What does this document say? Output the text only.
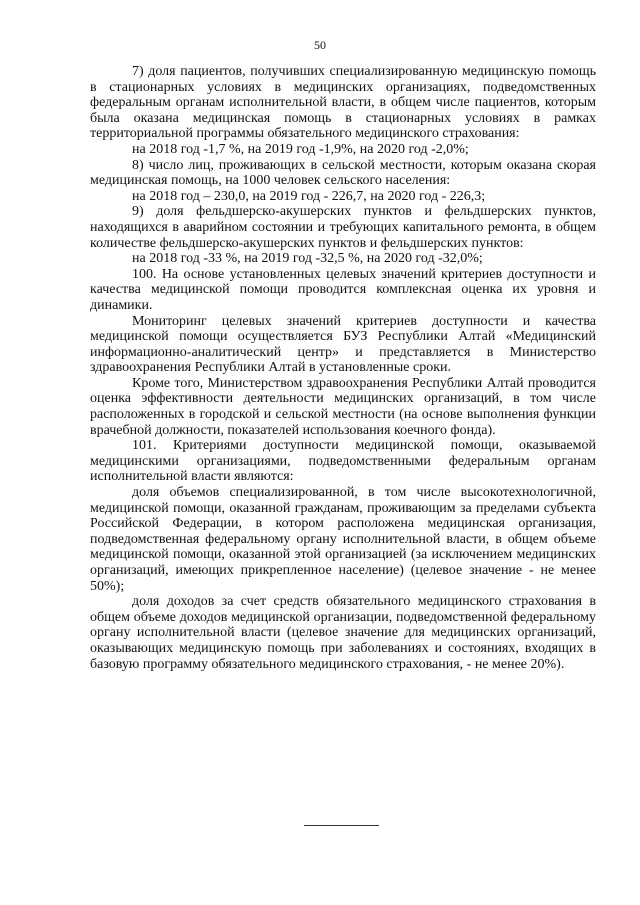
50

7) доля пациентов, получивших специализированную медицинскую помощь в стационарных условиях в медицинских организациях, подведомственных федеральным органам исполнительной власти, в общем числе пациентов, которым была оказана медицинская помощь в стационарных условиях в рамках территориальной программы обязательного медицинского страхования:

на 2018 год -1,7 %, на 2019 год -1,9%, на 2020 год -2,0%;

8) число лиц, проживающих в сельской местности, которым оказана скорая медицинская помощь, на 1000 человек сельского населения:

на 2018 год – 230,0, на 2019 год - 226,7, на 2020 год - 226,3;

9) доля фельдшерско-акушерских пунктов и фельдшерских пунктов, находящихся в аварийном состоянии и требующих капитального ремонта, в общем количестве фельдшерско-акушерских пунктов и фельдшерских пунктов:

на 2018 год -33 %, на 2019 год -32,5 %, на 2020 год -32,0%;

100. На основе установленных целевых значений критериев доступности и качества медицинской помощи проводится комплексная оценка их уровня и динамики.

Мониторинг целевых значений критериев доступности и качества медицинской помощи осуществляется БУЗ Республики Алтай «Медицинский информационно-аналитический центр» и представляется в Министерство здравоохранения Республики Алтай в установленные сроки.

Кроме того, Министерством здравоохранения Республики Алтай проводится оценка эффективности деятельности медицинских организаций, в том числе расположенных в городской и сельской местности (на основе выполнения функции врачебной должности, показателей использования коечного фонда).

101. Критериями доступности медицинской помощи, оказываемой медицинскими организациями, подведомственными федеральным органам исполнительной власти являются:

доля объемов специализированной, в том числе высокотехнологичной, медицинской помощи, оказанной гражданам, проживающим за пределами субъекта Российской Федерации, в котором расположена медицинская организация, подведомственная федеральному органу исполнительной власти, в общем объеме медицинской помощи, оказанной этой организацией (за исключением медицинских организаций, имеющих прикрепленное население) (целевое значение - не менее 50%);

доля доходов за счет средств обязательного медицинского страхования в общем объеме доходов медицинской организации, подведомственной федеральному органу исполнительной власти (целевое значение для медицинских организаций, оказывающих медицинскую помощь при заболеваниях и состояниях, входящих в базовую программу обязательного медицинского страхования, - не менее 20%).
